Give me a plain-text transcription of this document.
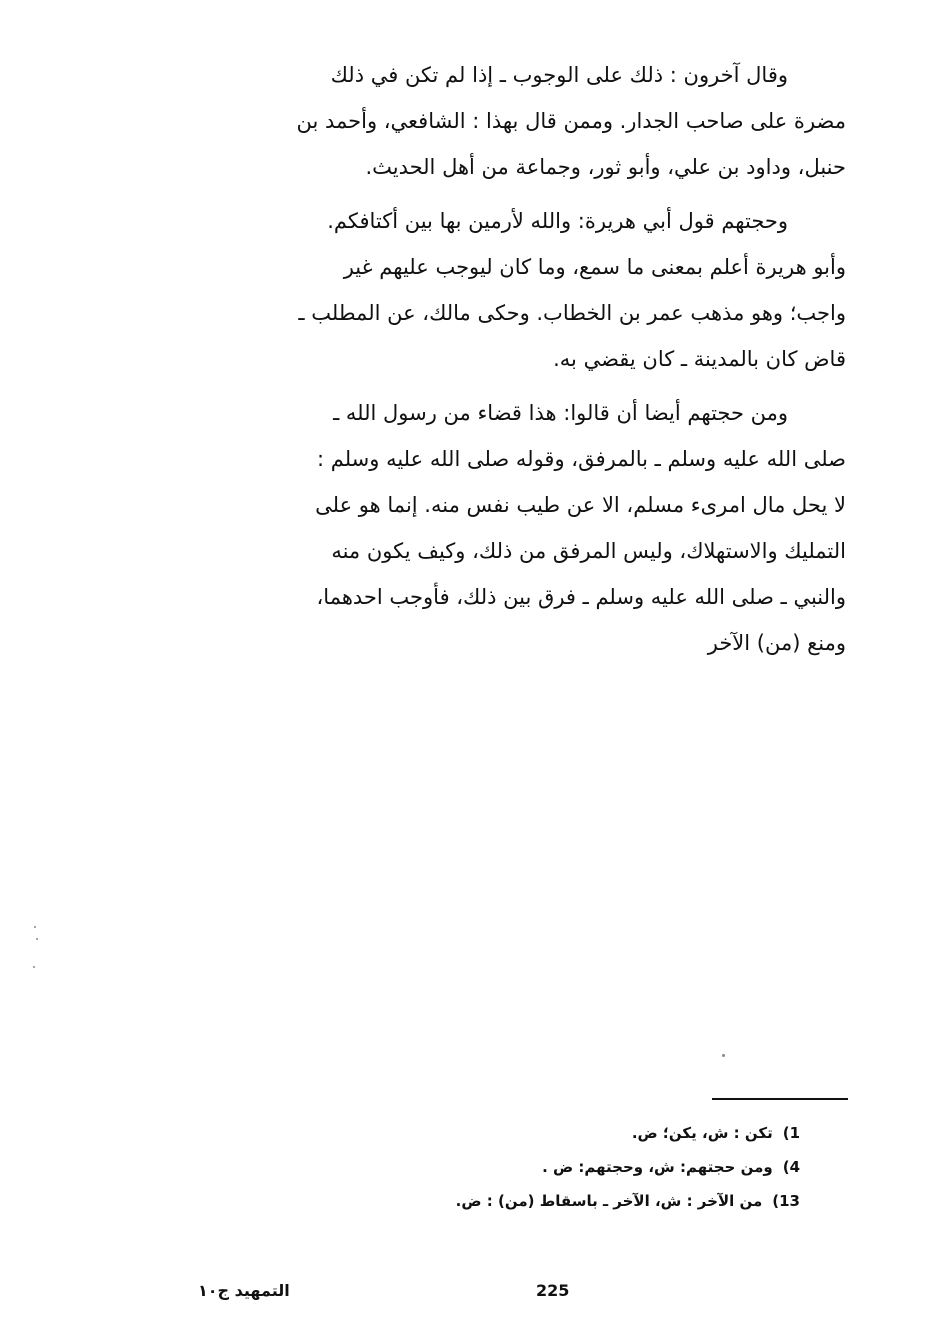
وقال آخرون : ذلك على الوجوب ـ إذا لم تكن في ذلك
مضرة على صاحب الجدار. وممن قال بهذا : الشافعي، وأحمد بن
حنبل، وداود بن علي، وأبو ثور، وجماعة من أهل الحديث.
وحجتهم قول أبي هريرة: والله لأرمين بها بين أكتافكم.
وأبو هريرة أعلم بمعنى ما سمع، وما كان ليوجب عليهم غير
واجب؛ وهو مذهب عمر بن الخطاب. وحكى مالك، عن المطلب ـ
قاض كان بالمدينة ـ كان يقضي به.
ومن حجتهم أيضا أن قالوا: هذا قضاء من رسول الله ـ
صلى الله عليه وسلم ـ بالمرفق، وقوله صلى الله عليه وسلم :
لا يحل مال امرىء مسلم، الا عن طيب نفس منه. إنما هو على
التمليك والاستهلاك، وليس المرفق من ذلك، وكيف يكون منه
والنبي ـ صلى الله عليه وسلم ـ فرق بين ذلك، فأوجب احدهما،
ومنع (من) الآخر
1)تكن : ش، يكن؛ ض.
4)ومن حجتهم: ش، وحجتهم: ض .
13)من الآخر : ش، الآخر ـ باسقاط (من) : ض.
225
التمهيد ج١٠
